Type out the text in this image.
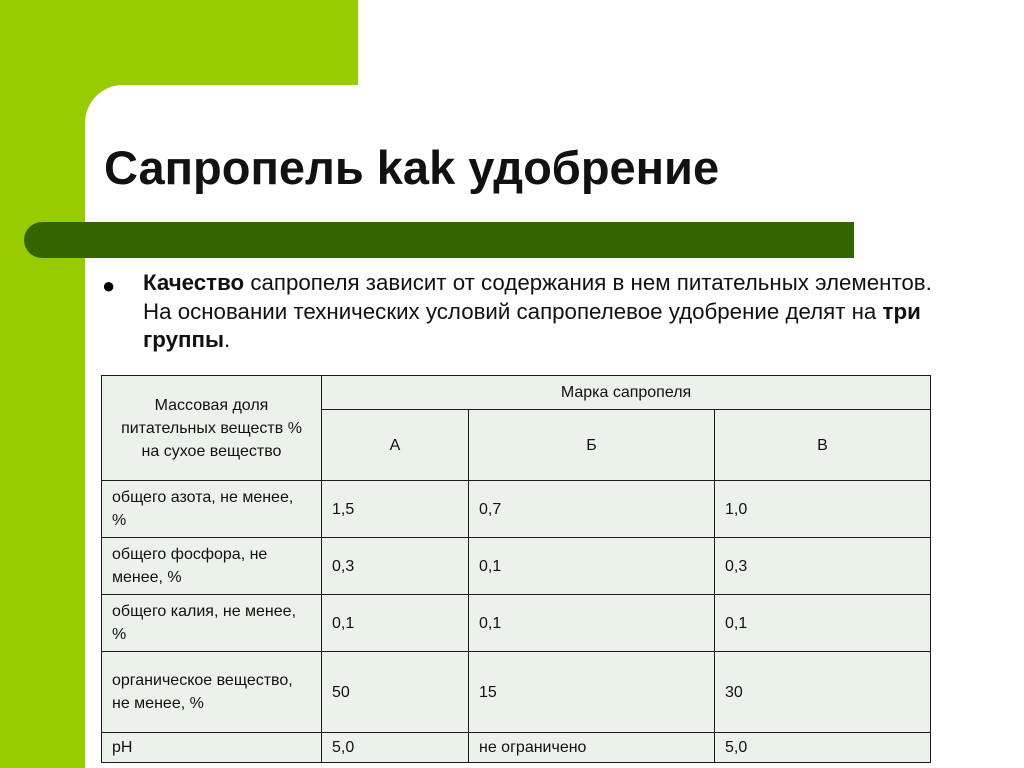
Сапропель kak удобрение
● Качество сапропеля зависит от содержания в нем питательных элементов. На основании технических условий сапропелевое удобрение делят на три группы.

Массовая доля питательных веществ % на сухое вещество	Марка сапропеля		
	А	Б	В
общего азота, не менее, %	1,5	0,7	1,0
общего фосфора, не менее, %	0,3	0,1	0,3
общего калия, не менее, %	0,1	0,1	0,1
органическое вещество, не менее, %	50	15	30
pH	5,0	не ограничено	5,0
